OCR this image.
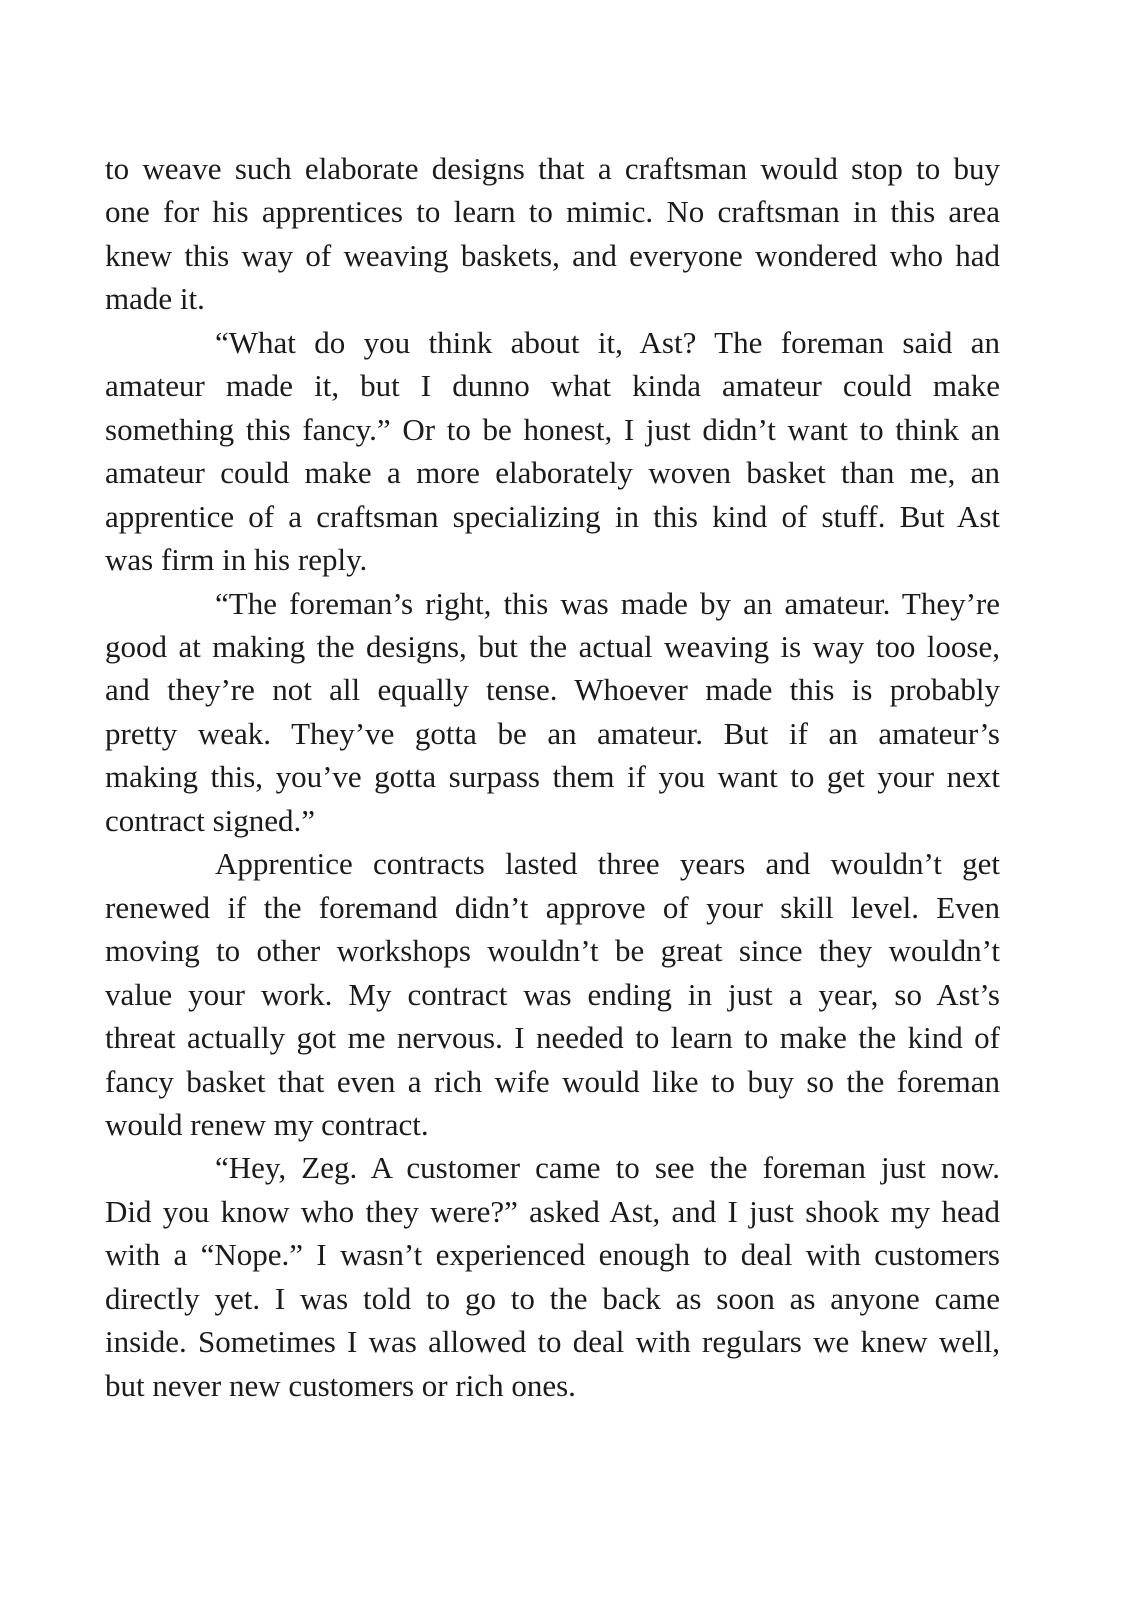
to weave such elaborate designs that a craftsman would stop to buy
one for his apprentices to learn to mimic. No craftsman in this area
knew this way of weaving baskets, and everyone wondered who had
made it.
“What do you think about it, Ast? The foreman said an
amateur made it, but I dunno what kinda amateur could make
something this fancy.” Or to be honest, I just didn’t want to think an
amateur could make a more elaborately woven basket than me, an
apprentice of a craftsman specializing in this kind of stuff. But Ast
was firm in his reply.
“The foreman’s right, this was made by an amateur. They’re
good at making the designs, but the actual weaving is way too loose,
and they’re not all equally tense. Whoever made this is probably
pretty weak. They’ve gotta be an amateur. But if an amateur’s
making this, you’ve gotta surpass them if you want to get your next
contract signed.”
Apprentice contracts lasted three years and wouldn’t get
renewed if the foremand didn’t approve of your skill level. Even
moving to other workshops wouldn’t be great since they wouldn’t
value your work. My contract was ending in just a year, so Ast’s
threat actually got me nervous. I needed to learn to make the kind of
fancy basket that even a rich wife would like to buy so the foreman
would renew my contract.
“Hey, Zeg. A customer came to see the foreman just now.
Did you know who they were?” asked Ast, and I just shook my head
with a “Nope.” I wasn’t experienced enough to deal with customers
directly yet. I was told to go to the back as soon as anyone came
inside. Sometimes I was allowed to deal with regulars we knew well,
but never new customers or rich ones.
